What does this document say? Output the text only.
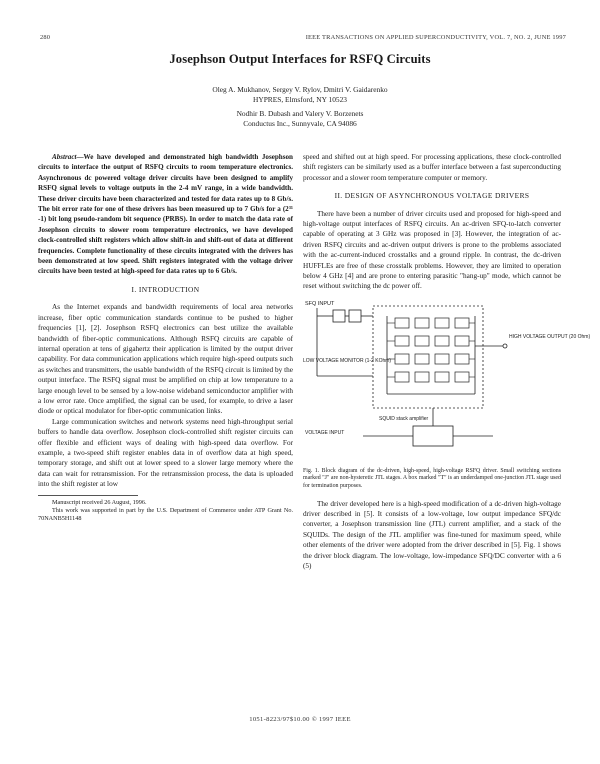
280	IEEE TRANSACTIONS ON APPLIED SUPERCONDUCTIVITY, VOL. 7, NO. 2, JUNE 1997
Josephson Output Interfaces for RSFQ Circuits
Oleg A. Mukhanov, Sergey V. Rylov, Dmitri V. Gaidarenko
HYPRES, Elmsford, NY 10523
Nodhir B. Dubash and Valery V. Borzenets
Conductus Inc., Sunnyvale, CA 94086

Abstract—We have developed and demonstrated high bandwidth Josephson circuits to interface the output of RSFQ circuits to room temperature electronics. Asynchronous dc powered voltage driver circuits have been designed to amplify RSFQ signal levels to voltage outputs in the 2-4 mV range, in a wide bandwidth. These driver circuits have been characterized and tested for data rates up to 8 Gb/s. The bit error rate for one of these drivers has been measured up to 7 Gb/s for a (2³¹ -1) bit long pseudo-random bit sequence (PRBS). In order to match the data rate of Josephson circuits to slower room temperature electronics, we have developed clock-controlled shift registers which allow shift-in and shift-out of data at different frequencies. Complete functionality of these circuits integrated with the drivers has been demonstrated at low speed. Shift registers integrated with the voltage driver circuits have been tested at high-speed for data rates up to 6 Gb/s.

I. INTRODUCTION

As the Internet expands and bandwidth requirements of local area networks increase, fiber optic communication standards continue to be pushed to higher frequencies [1], [2]. Josephson RSFQ electronics can best utilize the available bandwidth of fiber-optic communications. Although RSFQ circuits are capable of internal operation at tens of gigahertz their application is limited by the output driver capability. For data communication applications which require high-speed outputs such as switches and transmitters, the usable bandwidth of the RSFQ circuit is limited by the output interface. The RSFQ signal must be amplified on chip at low temperature to a large enough level to be sensed by a low-noise wideband semiconductor amplifier with a low error rate. Once amplified, the signal can be used, for example, to drive a laser diode or optical modulator for fiber-optic communication links.

Large communication switches and network systems need high-throughput serial buffers to handle data overflow. Josephson clock-controlled shift register circuits can offer flexible and efficient ways of dealing with high-speed data overflow. For example, a two-speed shift register enables data in of overflow data at high speed, temporary storage, and shift out at lower speed to a slower large memory where the data can wait for retransmission. For the retransmission process, the data is uploaded into the shift register at low

Manuscript received 26 August, 1996.
This work was supported in part by the U.S. Department of Commerce under ATP Grant No. 70NANB5H1148

speed and shifted out at high speed. For processing applications, these clock-controlled shift registers can be similarly used as a buffer interface between a fast superconducting processor and a slower room temperature computer or memory.

II. DESIGN OF ASYNCHRONOUS VOLTAGE DRIVERS

There have been a number of driver circuits used and proposed for high-speed and high-voltage output interfaces of RSFQ circuits. An ac-driven SFQ-to-latch converter capable of operating at 3 GHz was proposed in [3]. However, the integration of ac-driven RSFQ circuits and ac-driven output drivers is prone to the problems associated with the ac-current-induced crosstalks and a ground ripple. In contrast, the dc-driven HUFFLEs are free of these crosstalk problems. However, they are limited to operation below 4 GHz [4] and are prone to entering parasitic "hang-up" mode, which cannot be reset without switching the dc power off.

SFQ INPUT
HIGH VOLTAGE OUTPUT (20 Ohm)
LOW VOLTAGE MONITOR (1-2 KOhm)
SQUID stack amplifier
VOLTAGE INPUT
Fig. 1. Block diagram of the dc-driven, high-speed, high-voltage RSFQ driver. Small switching sections marked "J" are non-hysteretic JTL stages. A box marked "T" is an underdamped one-junction JTL stage used for termination purposes.

The driver developed here is a high-speed modification of a dc-driven high-voltage driver described in [5]. It consists of a low-voltage, low output impedance SFQ/dc converter, a Josephson transmission line (JTL) current amplifier, and a stack of the SQUIDs. The design of the JTL amplifier was fine-tuned for maximum speed, while other elements of the driver were adopted from the driver described in [5]. Fig. 1 shows the driver block diagram. The low-voltage, low-impedance SFQ/DC converter with a 6 (5)

1051-8223/97$10.00 © 1997 IEEE
